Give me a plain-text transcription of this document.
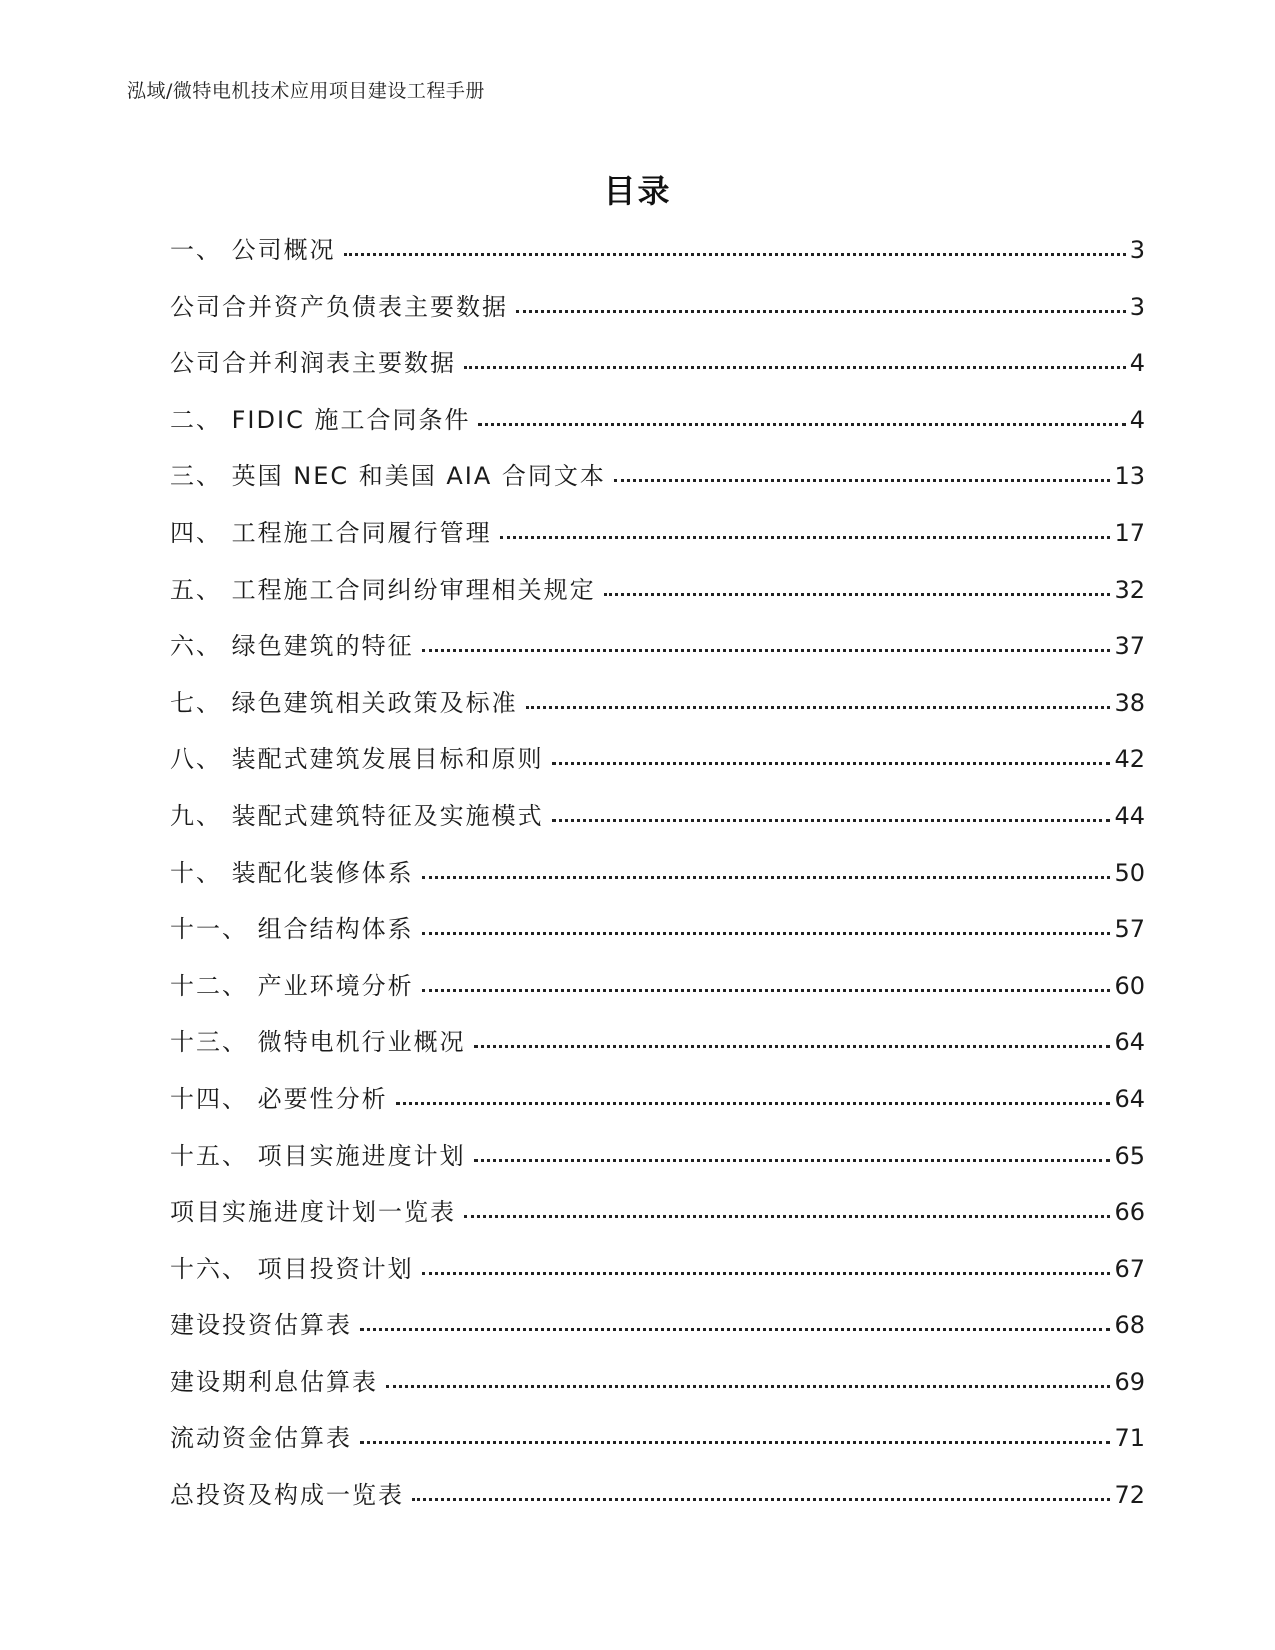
泓域/微特电机技术应用项目建设工程手册
目录
一、 公司概况	3
公司合并资产负债表主要数据	3
公司合并利润表主要数据	4
二、 FIDIC 施工合同条件	4
三、 英国 NEC 和美国 AIA 合同文本	13
四、 工程施工合同履行管理	17
五、 工程施工合同纠纷审理相关规定	32
六、 绿色建筑的特征	37
七、 绿色建筑相关政策及标准	38
八、 装配式建筑发展目标和原则	42
九、 装配式建筑特征及实施模式	44
十、 装配化装修体系	50
十一、 组合结构体系	57
十二、 产业环境分析	60
十三、 微特电机行业概况	64
十四、 必要性分析	64
十五、 项目实施进度计划	65
项目实施进度计划一览表	66
十六、 项目投资计划	67
建设投资估算表	68
建设期利息估算表	69
流动资金估算表	71
总投资及构成一览表	72
